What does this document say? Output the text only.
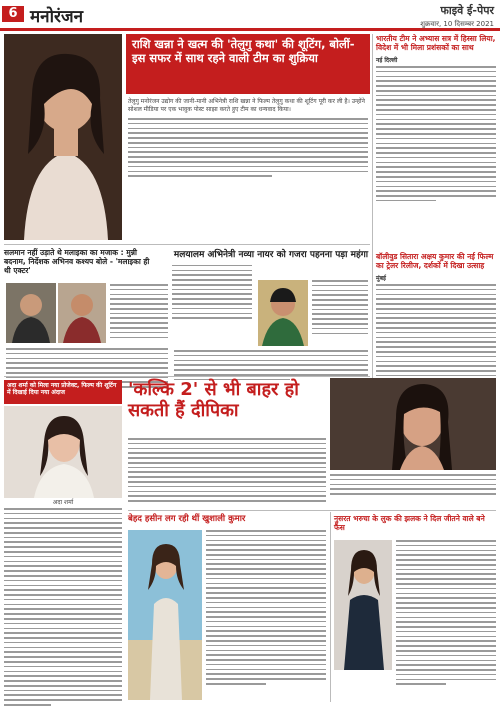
6 मनोरंजन	फाइवे ई-पेपर
शुक्रवार, 10 दिसम्बर 2021
राशि खन्ना ने खत्म की 'तेलुगु कथा' की शूटिंग, बोलीं- इस सफर में साथ रहने वाली टीम का शुक्रिया
तेलुगु मनोरंजन उद्योग की जानी-मानी अभिनेत्री राशि खन्ना ने फिल्म तेलुगु कथा की शूटिंग पूरी कर ली है। उन्होंने सोशल मीडिया पर एक भावुक पोस्ट साझा करते हुए टीम का धन्यवाद किया।
भारतीय टीम ने अभ्यास सत्र में हिस्सा लिया, विदेश में भी मिला प्रशंसकों का साथ
नई दिल्ली
बॉलीवुड सितारा अक्षय कुमार की नई फिल्म का ट्रेलर रिलीज, दर्शकों में दिखा उत्साह
मुंबई
सलमान नहीं उड़ाते थे मलाइका का मजाक : मुन्नी बदनाम, निर्देशक अभिनव कश्यप बोले - 'मलाइका ही थी एक्टर'
मलयालम अभिनेत्री नव्या नायर को गजरा पहनना पड़ा महंगा
अदा शर्मा को मिला नया प्रोजेक्ट, फिल्म की शूटिंग में दिखाई दिया नया अंदाज
अदा शर्मा
'कल्कि 2' से भी बाहर हो सकती हैं दीपिका
बेहद हसीन लग रही थीं खुशाली कुमार	नुसरत भरुचा के लुक की झलक ने दिल जीतने वाले बने फैंस
